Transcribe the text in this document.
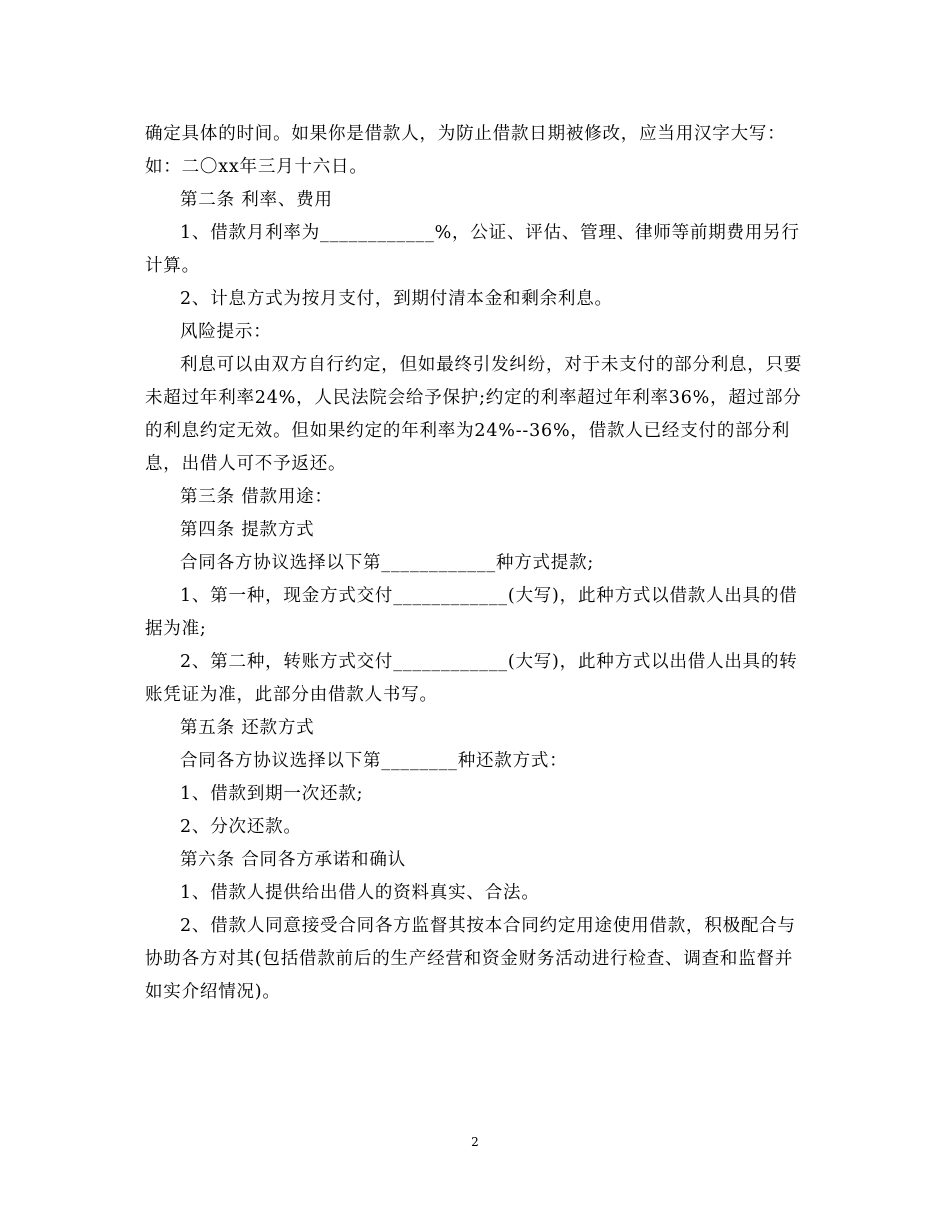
确定具体的时间。如果你是借款人，为防止借款日期被修改，应当用汉字大写：如：二〇xx年三月十六日。

第二条 利率、费用

1、借款月利率为____________%，公证、评估、管理、律师等前期费用另行计算。

2、计息方式为按月支付，到期付清本金和剩余利息。

风险提示：

利息可以由双方自行约定，但如最终引发纠纷，对于未支付的部分利息，只要未超过年利率24%，人民法院会给予保护;约定的利率超过年利率36%，超过部分的利息约定无效。但如果约定的年利率为24%--36%，借款人已经支付的部分利息，出借人可不予返还。

第三条 借款用途：

第四条 提款方式

合同各方协议选择以下第____________种方式提款;

1、第一种，现金方式交付____________(大写)，此种方式以借款人出具的借据为准;

2、第二种，转账方式交付____________(大写)，此种方式以出借人出具的转账凭证为准，此部分由借款人书写。

第五条 还款方式

合同各方协议选择以下第________种还款方式：

1、借款到期一次还款;

2、分次还款。

第六条 合同各方承诺和确认

1、借款人提供给出借人的资料真实、合法。

2、借款人同意接受合同各方监督其按本合同约定用途使用借款，积极配合与协助各方对其(包括借款前后的生产经营和资金财务活动进行检查、调查和监督并如实介绍情况)。

2
